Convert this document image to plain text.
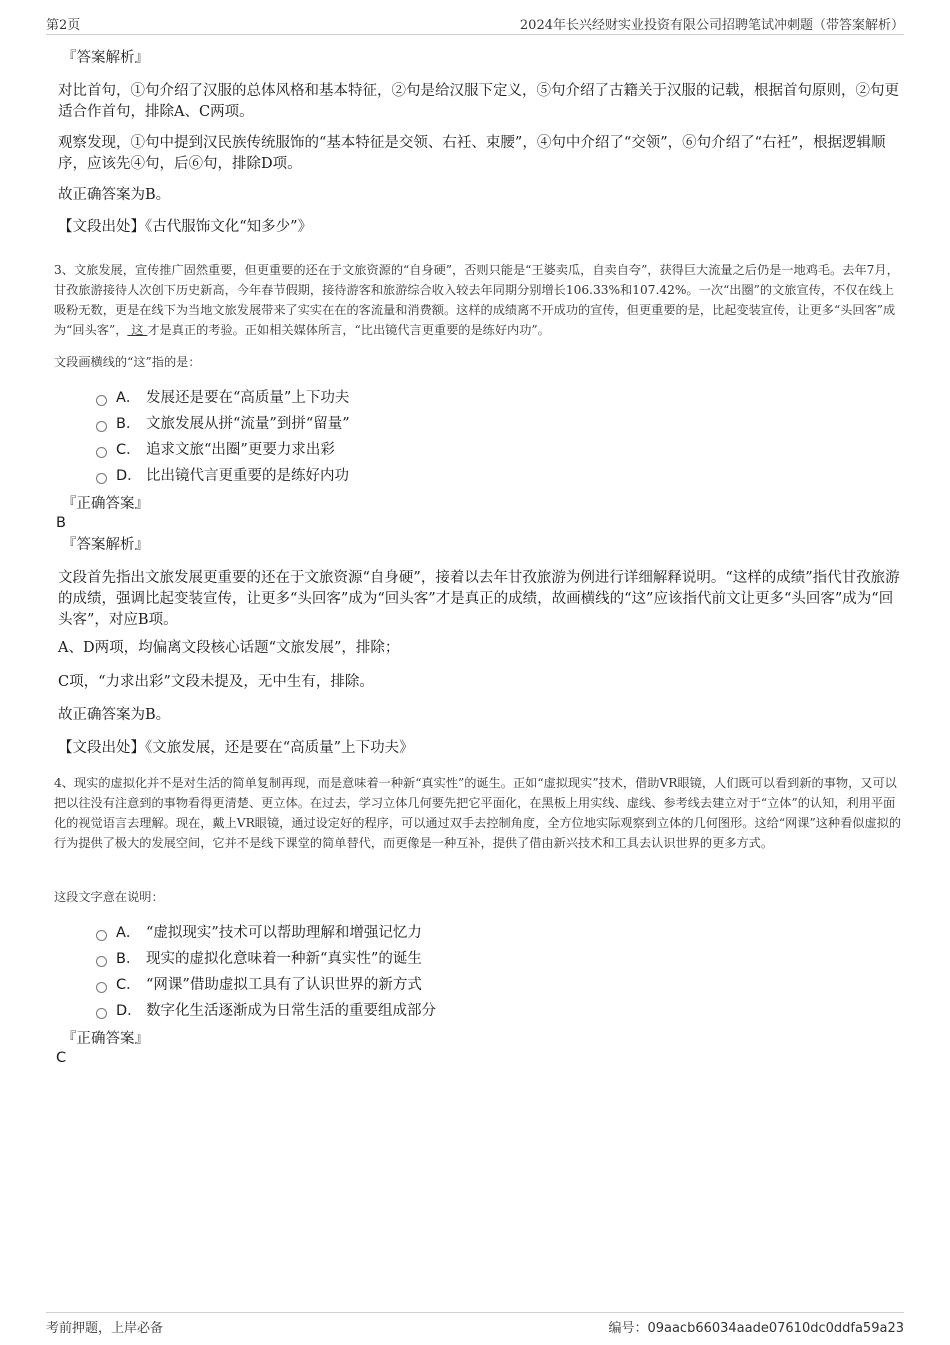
第2页	2024年长兴经财实业投资有限公司招聘笔试冲刺题（带答案解析）
『答案解析』
对比首句，①句介绍了汉服的总体风格和基本特征，②句是给汉服下定义，⑤句介绍了古籍关于汉服的记载，根据首句原则，②句更适合作首句，排除A、C两项。
观察发现，①句中提到汉民族传统服饰的“基本特征是交领、右衽、束腰”，④句中介绍了“交领”，⑥句介绍了“右衽”，根据逻辑顺序，应该先④句，后⑥句，排除D项。
故正确答案为B。
【文段出处】《古代服饰文化“知多少”》
3、文旅发展，宣传推广固然重要，但更重要的还在于文旅资源的“自身硬”，否则只能是“王婆卖瓜，自卖自夸”，获得巨大流量之后仍是一地鸡毛。去年7月，甘孜旅游接待人次创下历史新高，今年春节假期，接待游客和旅游综合收入较去年同期分别增长106.33%和107.42%。一次“出圈”的文旅宣传，不仅在线上吸粉无数，更是在线下为当地文旅发展带来了实实在在的客流量和消费额。这样的成绩离不开成功的宣传，但更重要的是，比起变装宣传，让更多“头回客”成为“回头客”， 这 才是真正的考验。正如相关媒体所言，“比出镜代言更重要的是练好内功”。
文段画横线的“这”指的是：
A． 发展还是要在“高质量”上下功夫
B． 文旅发展从拼“流量”到拼“留量”
C． 追求文旅“出圈”更要力求出彩
D． 比出镜代言更重要的是练好内功
『正确答案』
B
『答案解析』
文段首先指出文旅发展更重要的还在于文旅资源“自身硬”，接着以去年甘孜旅游为例进行详细解释说明。“这样的成绩”指代甘孜旅游的成绩，强调比起变装宣传，让更多“头回客”成为“回头客”才是真正的成绩，故画横线的“这”应该指代前文让更多“头回客”成为“回头客”，对应B项。
A、D两项，均偏离文段核心话题“文旅发展”，排除；
C项，“力求出彩”文段未提及，无中生有，排除。
故正确答案为B。
【文段出处】《文旅发展，还是要在“高质量”上下功夫》
4、现实的虚拟化并不是对生活的简单复制再现，而是意味着一种新“真实性”的诞生。正如“虚拟现实”技术，借助VR眼镜，人们既可以看到新的事物，又可以把以往没有注意到的事物看得更清楚、更立体。在过去，学习立体几何要先把它平面化，在黑板上用实线、虚线、参考线去建立对于“立体”的认知，利用平面化的视觉语言去理解。现在，戴上VR眼镜，通过设定好的程序，可以通过双手去控制角度，全方位地实际观察到立体的几何图形。这给“网课”这种看似虚拟的行为提供了极大的发展空间，它并不是线下课堂的简单替代，而更像是一种互补，提供了借由新兴技术和工具去认识世界的更多方式。
这段文字意在说明：
A． “虚拟现实”技术可以帮助理解和增强记忆力
B． 现实的虚拟化意味着一种新“真实性”的诞生
C． “网课”借助虚拟工具有了认识世界的新方式
D． 数字化生活逐渐成为日常生活的重要组成部分
『正确答案』
C
考前押题，上岸必备	编号：09aacb66034aade07610dc0ddfa59a23
